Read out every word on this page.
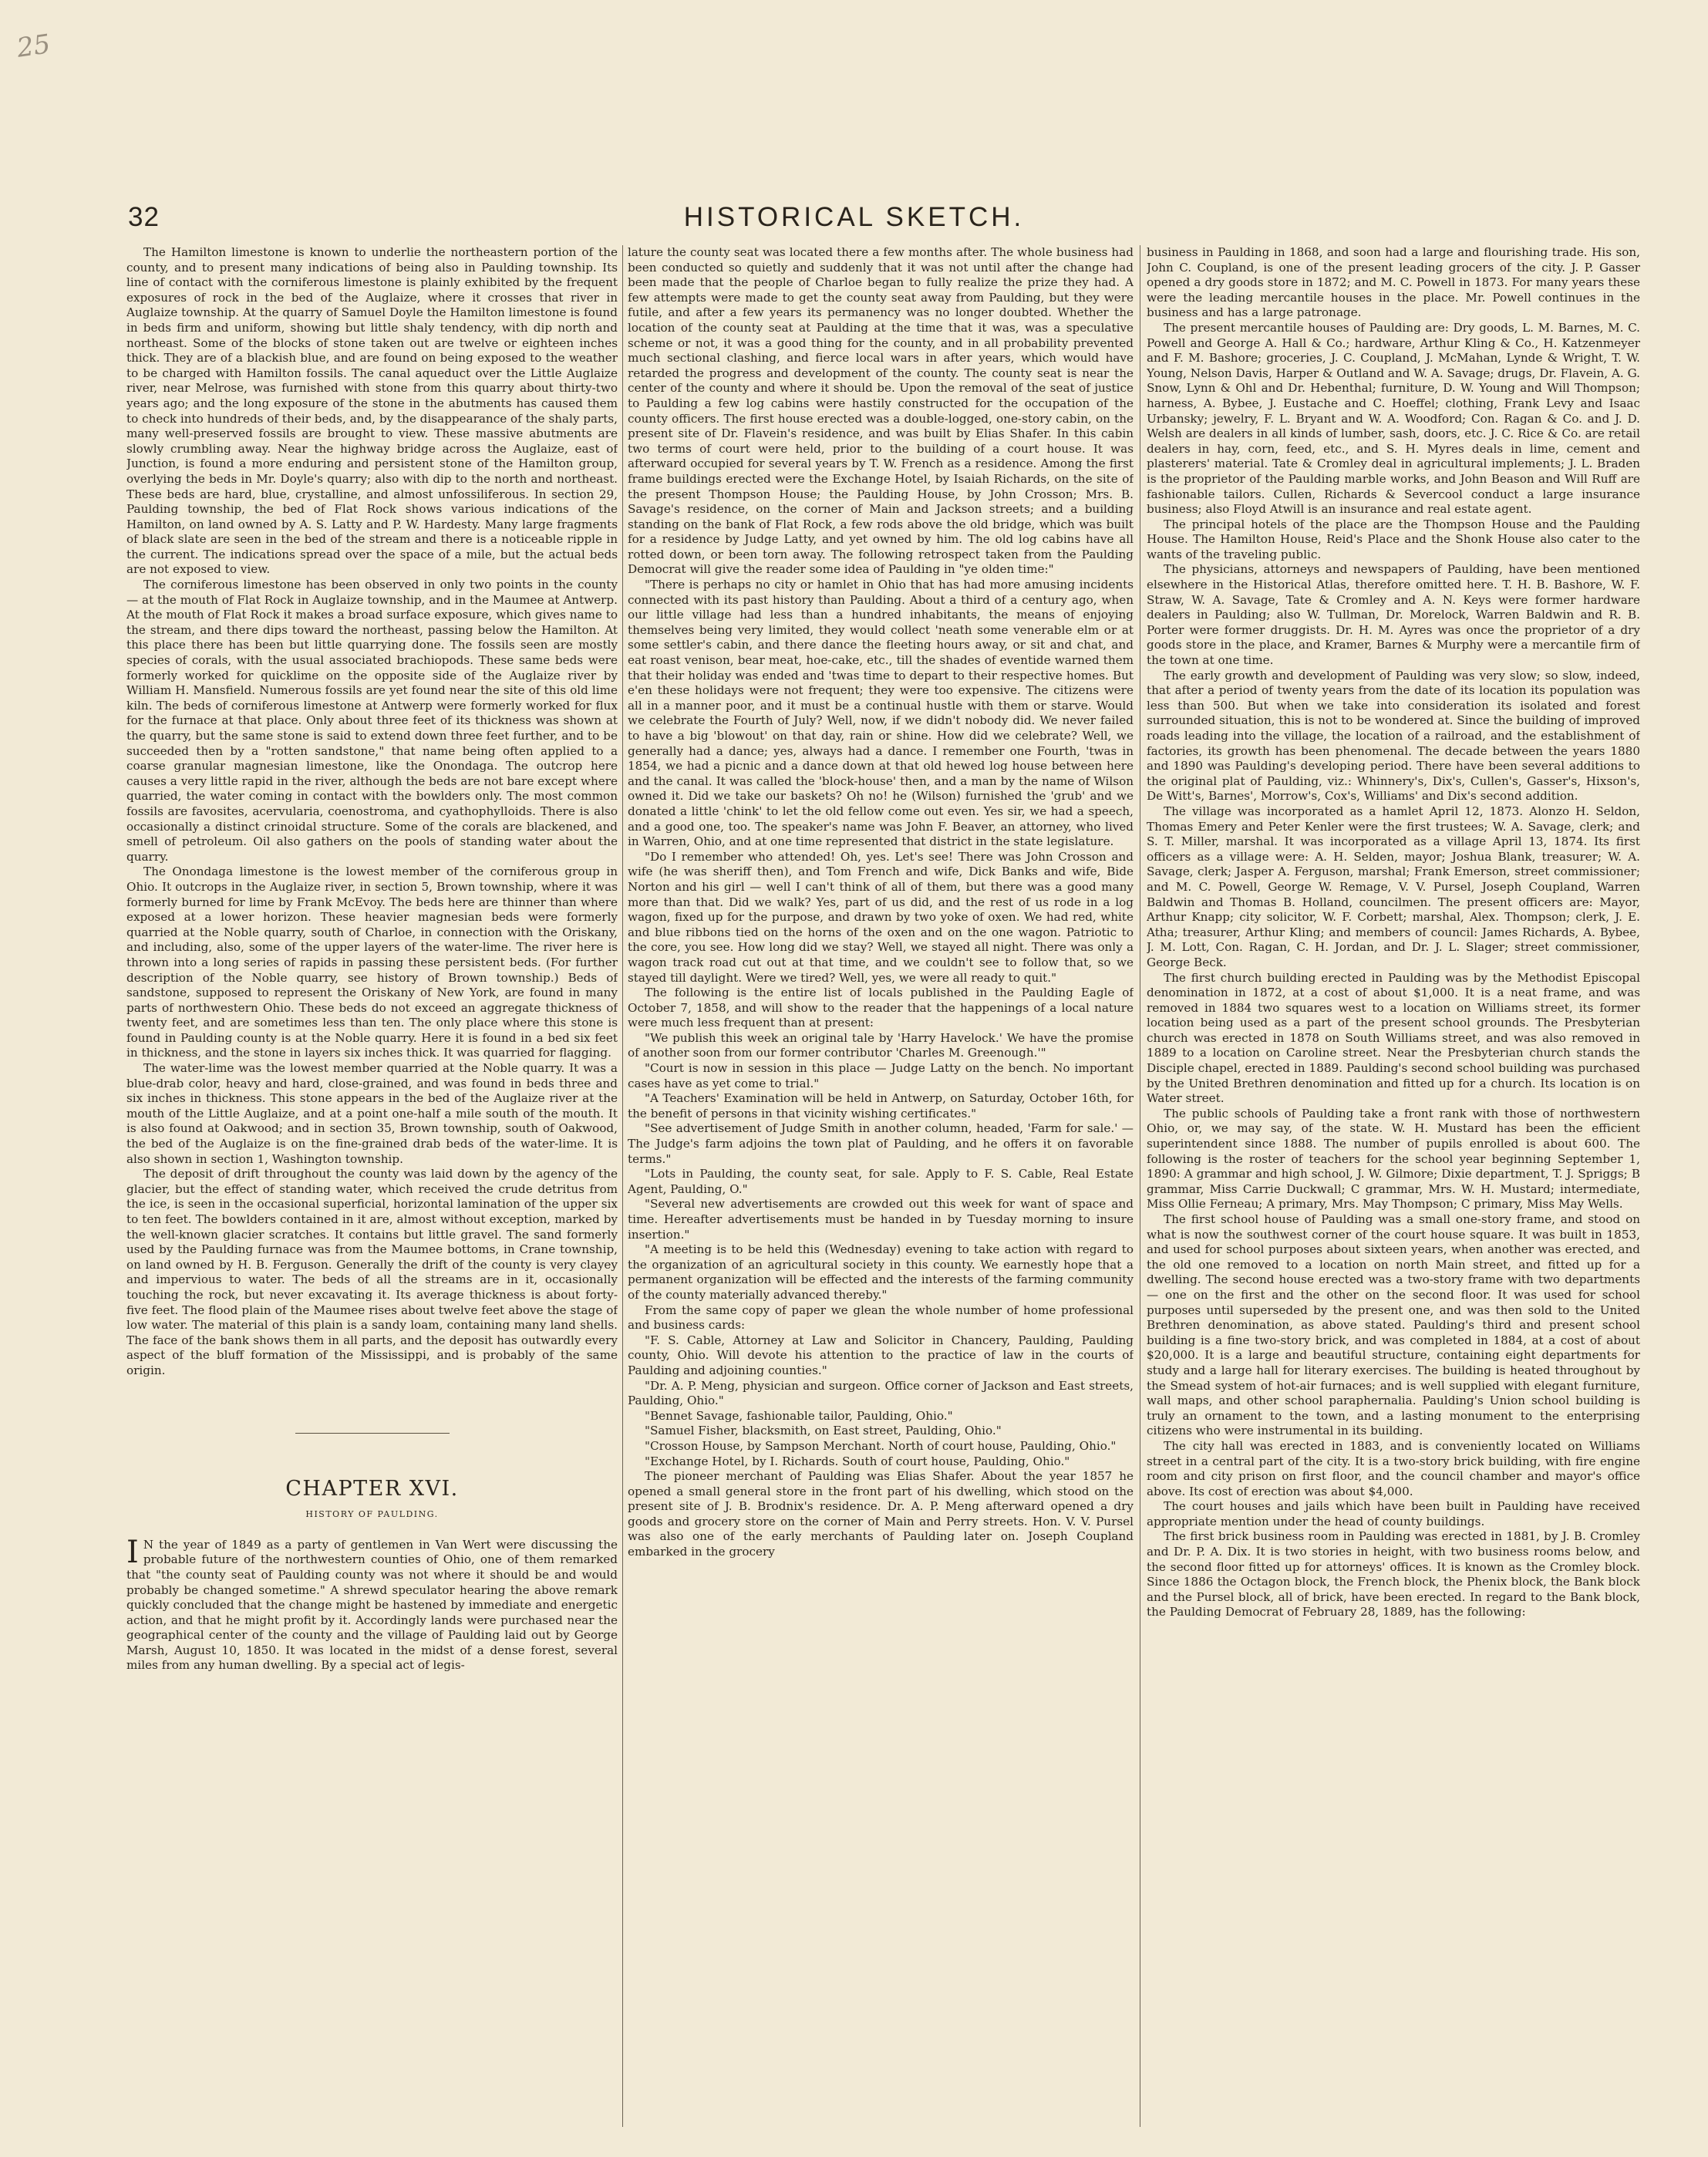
25
32	HISTORICAL SKETCH.

The Hamilton limestone is known to underlie the northeastern portion of the county, and to present many indications of being also in Paulding township. Its line of contact with the corniferous limestone is plainly exhibited by the frequent exposures of rock in the bed of the Auglaize, where it crosses that river in Auglaize township. At the quarry of Samuel Doyle the Hamilton limestone is found in beds firm and uniform, showing but little shaly tendency, with dip north and northeast. Some of the blocks of stone taken out are twelve or eighteen inches thick. They are of a blackish blue, and are found on being exposed to the weather to be charged with Hamilton fossils. The canal aqueduct over the Little Auglaize river, near Melrose, was furnished with stone from this quarry about thirty-two years ago; and the long exposure of the stone in the abutments has caused them to check into hundreds of their beds, and, by the disappearance of the shaly parts, many well-preserved fossils are brought to view. These massive abutments are slowly crumbling away. Near the highway bridge across the Auglaize, east of Junction, is found a more enduring and persistent stone of the Hamilton group, overlying the beds in Mr. Doyle's quarry; also with dip to the north and northeast. These beds are hard, blue, crystalline, and almost unfossiliferous. In section 29, Paulding township, the bed of Flat Rock shows various indications of the Hamilton, on land owned by A. S. Latty and P. W. Hardesty. Many large fragments of black slate are seen in the bed of the stream and there is a noticeable ripple in the current. The indications spread over the space of a mile, but the actual beds are not exposed to view.

The corniferous limestone has been observed in only two points in the county — at the mouth of Flat Rock in Auglaize township, and in the Maumee at Antwerp. At the mouth of Flat Rock it makes a broad surface exposure, which gives name to the stream, and there dips toward the northeast, passing below the Hamilton. At this place there has been but little quarrying done. The fossils seen are mostly species of corals, with the usual associated brachiopods. These same beds were formerly worked for quicklime on the opposite side of the Auglaize river by William H. Mansfield. Numerous fossils are yet found near the site of this old lime kiln. The beds of corniferous limestone at Antwerp were formerly worked for flux for the furnace at that place. Only about three feet of its thickness was shown at the quarry, but the same stone is said to extend down three feet further, and to be succeeded then by a "rotten sandstone," that name being often applied to a coarse granular magnesian limestone, like the Onondaga. The outcrop here causes a very little rapid in the river, although the beds are not bare except where quarried, the water coming in contact with the bowlders only. The most common fossils are favosites, acervularia, coenostroma, and cyathophylloids. There is also occasionally a distinct crinoidal structure. Some of the corals are blackened, and smell of petroleum. Oil also gathers on the pools of standing water about the quarry.

The Onondaga limestone is the lowest member of the corniferous group in Ohio. It outcrops in the Auglaize river, in section 5, Brown township, where it was formerly burned for lime by Frank McEvoy. The beds here are thinner than where exposed at a lower horizon. These heavier magnesian beds were formerly quarried at the Noble quarry, south of Charloe, in connection with the Oriskany, and including, also, some of the upper layers of the water-lime. The river here is thrown into a long series of rapids in passing these persistent beds. (For further description of the Noble quarry, see history of Brown township.) Beds of sandstone, supposed to represent the Oriskany of New York, are found in many parts of northwestern Ohio. These beds do not exceed an aggregate thickness of twenty feet, and are sometimes less than ten. The only place where this stone is found in Paulding county is at the Noble quarry. Here it is found in a bed six feet in thickness, and the stone in layers six inches thick. It was quarried for flagging.

The water-lime was the lowest member quarried at the Noble quarry. It was a blue-drab color, heavy and hard, close-grained, and was found in beds three and six inches in thickness. This stone appears in the bed of the Auglaize river at the mouth of the Little Auglaize, and at a point one-half a mile south of the mouth. It is also found at Oakwood; and in section 35, Brown township, south of Oakwood, the bed of the Auglaize is on the fine-grained drab beds of the water-lime. It is also shown in section 1, Washington township.

The deposit of drift throughout the county was laid down by the agency of the glacier, but the effect of standing water, which received the crude detritus from the ice, is seen in the occasional superficial, horizontal lamination of the upper six to ten feet. The bowlders contained in it are, almost without exception, marked by the well-known glacier scratches. It contains but little gravel. The sand formerly used by the Paulding furnace was from the Maumee bottoms, in Crane township, on land owned by H. B. Ferguson. Generally the drift of the county is very clayey and impervious to water. The beds of all the streams are in it, occasionally touching the rock, but never excavating it. Its average thickness is about forty-five feet. The flood plain of the Maumee rises about twelve feet above the stage of low water. The material of this plain is a sandy loam, containing many land shells. The face of the bank shows them in all parts, and the deposit has outwardly every aspect of the bluff formation of the Mississippi, and is probably of the same origin.

CHAPTER XVI.
HISTORY OF PAULDING.

I N the year of 1849 as a party of gentlemen in Van Wert were discussing the probable future of the northwestern counties of Ohio, one of them remarked that "the county seat of Paulding county was not where it should be and would probably be changed sometime." A shrewd speculator hearing the above remark quickly concluded that the change might be hastened by immediate and energetic action, and that he might profit by it. Accordingly lands were purchased near the geographical center of the county and the village of Paulding laid out by George Marsh, August 10, 1850. It was located in the midst of a dense forest, several miles from any human dwelling. By a special act of legis-

lature the county seat was located there a few months after. The whole business had been conducted so quietly and suddenly that it was not until after the change had been made that the people of Charloe began to fully realize the prize they had. A few attempts were made to get the county seat away from Paulding, but they were futile, and after a few years its permanency was no longer doubted. Whether the location of the county seat at Paulding at the time that it was, was a speculative scheme or not, it was a good thing for the county, and in all probability prevented much sectional clashing, and fierce local wars in after years, which would have retarded the progress and development of the county. The county seat is near the center of the county and where it should be. Upon the removal of the seat of justice to Paulding a few log cabins were hastily constructed for the occupation of the county officers. The first house erected was a double-logged, one-story cabin, on the present site of Dr. Flavein's residence, and was built by Elias Shafer. In this cabin two terms of court were held, prior to the building of a court house. It was afterward occupied for several years by T. W. French as a residence. Among the first frame buildings erected were the Exchange Hotel, by Isaiah Richards, on the site of the present Thompson House; the Paulding House, by John Crosson; Mrs. B. Savage's residence, on the corner of Main and Jackson streets; and a building standing on the bank of Flat Rock, a few rods above the old bridge, which was built for a residence by Judge Latty, and yet owned by him. The old log cabins have all rotted down, or been torn away. The following retrospect taken from the Paulding Democrat will give the reader some idea of Paulding in "ye olden time:"

"There is perhaps no city or hamlet in Ohio that has had more amusing incidents connected with its past history than Paulding. About a third of a century ago, when our little village had less than a hundred inhabitants, the means of enjoying themselves being very limited, they would collect 'neath some venerable elm or at some settler's cabin, and there dance the fleeting hours away, or sit and chat, and eat roast venison, bear meat, hoe-cake, etc., till the shades of eventide warned them that their holiday was ended and 'twas time to depart to their respective homes. But e'en these holidays were not frequent; they were too expensive. The citizens were all in a manner poor, and it must be a continual hustle with them or starve. Would we celebrate the Fourth of July? Well, now, if we didn't nobody did. We never failed to have a big 'blowout' on that day, rain or shine. How did we celebrate? Well, we generally had a dance; yes, always had a dance. I remember one Fourth, 'twas in 1854, we had a picnic and a dance down at that old hewed log house between here and the canal. It was called the 'block-house' then, and a man by the name of Wilson owned it. Did we take our baskets? Oh no! he (Wilson) furnished the 'grub' and we donated a little 'chink' to let the old fellow come out even. Yes sir, we had a speech, and a good one, too. The speaker's name was John F. Beaver, an attorney, who lived in Warren, Ohio, and at one time represented that district in the state legislature.

"Do I remember who attended! Oh, yes. Let's see! There was John Crosson and wife (he was sheriff then), and Tom French and wife, Dick Banks and wife, Bide Norton and his girl — well I can't think of all of them, but there was a good many more than that. Did we walk? Yes, part of us did, and the rest of us rode in a log wagon, fixed up for the purpose, and drawn by two yoke of oxen. We had red, white and blue ribbons tied on the horns of the oxen and on the one wagon. Patriotic to the core, you see. How long did we stay? Well, we stayed all night. There was only a wagon track road cut out at that time, and we couldn't see to follow that, so we stayed till daylight. Were we tired? Well, yes, we were all ready to quit."

The following is the entire list of locals published in the Paulding Eagle of October 7, 1858, and will show to the reader that the happenings of a local nature were much less frequent than at present:

"We publish this week an original tale by 'Harry Havelock.' We have the promise of another soon from our former contributor 'Charles M. Greenough.'"

"Court is now in session in this place — Judge Latty on the bench. No important cases have as yet come to trial."

"A Teachers' Examination will be held in Antwerp, on Saturday, October 16th, for the benefit of persons in that vicinity wishing certificates."

"See advertisement of Judge Smith in another column, headed, 'Farm for sale.' — The Judge's farm adjoins the town plat of Paulding, and he offers it on favorable terms."

"Lots in Paulding, the county seat, for sale. Apply to F. S. Cable, Real Estate Agent, Paulding, O."

"Several new advertisements are crowded out this week for want of space and time. Hereafter advertisements must be handed in by Tuesday morning to insure insertion."

"A meeting is to be held this (Wednesday) evening to take action with regard to the organization of an agricultural society in this county. We earnestly hope that a permanent organization will be effected and the interests of the farming community of the county materially advanced thereby."

From the same copy of paper we glean the whole number of home professional and business cards:

"F. S. Cable, Attorney at Law and Solicitor in Chancery, Paulding, Paulding county, Ohio. Will devote his attention to the practice of law in the courts of Paulding and adjoining counties."

"Dr. A. P. Meng, physician and surgeon. Office corner of Jackson and East streets, Paulding, Ohio."

"Bennet Savage, fashionable tailor, Paulding, Ohio."

"Samuel Fisher, blacksmith, on East street, Paulding, Ohio."

"Crosson House, by Sampson Merchant. North of court house, Paulding, Ohio."

"Exchange Hotel, by I. Richards. South of court house, Paulding, Ohio."

The pioneer merchant of Paulding was Elias Shafer. About the year 1857 he opened a small general store in the front part of his dwelling, which stood on the present site of J. B. Brodnix's residence. Dr. A. P. Meng afterward opened a dry goods and grocery store on the corner of Main and Perry streets. Hon. V. V. Pursel was also one of the early merchants of Paulding later on. Joseph Coupland embarked in the grocery

business in Paulding in 1868, and soon had a large and flourishing trade. His son, John C. Coupland, is one of the present leading grocers of the city. J. P. Gasser opened a dry goods store in 1872; and M. C. Powell in 1873. For many years these were the leading mercantile houses in the place. Mr. Powell continues in the business and has a large patronage.

The present mercantile houses of Paulding are: Dry goods, L. M. Barnes, M. C. Powell and George A. Hall & Co.; hardware, Arthur Kling & Co., H. Katzenmeyer and F. M. Bashore; groceries, J. C. Coupland, J. McMahan, Lynde & Wright, T. W. Young, Nelson Davis, Harper & Outland and W. A. Savage; drugs, Dr. Flavein, A. G. Snow, Lynn & Ohl and Dr. Hebenthal; furniture, D. W. Young and Will Thompson; harness, A. Bybee, J. Eustache and C. Hoeffel; clothing, Frank Levy and Isaac Urbansky; jewelry, F. L. Bryant and W. A. Woodford; Con. Ragan & Co. and J. D. Welsh are dealers in all kinds of lumber, sash, doors, etc. J. C. Rice & Co. are retail dealers in hay, corn, feed, etc., and S. H. Myres deals in lime, cement and plasterers' material. Tate & Cromley deal in agricultural implements; J. L. Braden is the proprietor of the Paulding marble works, and John Beason and Will Ruff are fashionable tailors. Cullen, Richards & Severcool conduct a large insurance business; also Floyd Atwill is an insurance and real estate agent.

The principal hotels of the place are the Thompson House and the Paulding House. The Hamilton House, Reid's Place and the Shonk House also cater to the wants of the traveling public.

The physicians, attorneys and newspapers of Paulding, have been mentioned elsewhere in the Historical Atlas, therefore omitted here. T. H. B. Bashore, W. F. Straw, W. A. Savage, Tate & Cromley and A. N. Keys were former hardware dealers in Paulding; also W. Tullman, Dr. Morelock, Warren Baldwin and R. B. Porter were former druggists. Dr. H. M. Ayres was once the proprietor of a dry goods store in the place, and Kramer, Barnes & Murphy were a mercantile firm of the town at one time.

The early growth and development of Paulding was very slow; so slow, indeed, that after a period of twenty years from the date of its location its population was less than 500. But when we take into consideration its isolated and forest surrounded situation, this is not to be wondered at. Since the building of improved roads leading into the village, the location of a railroad, and the establishment of factories, its growth has been phenomenal. The decade between the years 1880 and 1890 was Paulding's developing period. There have been several additions to the original plat of Paulding, viz.: Whinnery's, Dix's, Cullen's, Gasser's, Hixson's, De Witt's, Barnes', Morrow's, Cox's, Williams' and Dix's second addition.

The village was incorporated as a hamlet April 12, 1873. Alonzo H. Seldon, Thomas Emery and Peter Kenler were the first trustees; W. A. Savage, clerk; and S. T. Miller, marshal. It was incorporated as a village April 13, 1874. Its first officers as a village were: A. H. Selden, mayor; Joshua Blank, treasurer; W. A. Savage, clerk; Jasper A. Ferguson, marshal; Frank Emerson, street commissioner; and M. C. Powell, George W. Remage, V. V. Pursel, Joseph Coupland, Warren Baldwin and Thomas B. Holland, councilmen. The present officers are: Mayor, Arthur Knapp; city solicitor, W. F. Corbett; marshal, Alex. Thompson; clerk, J. E. Atha; treasurer, Arthur Kling; and members of council: James Richards, A. Bybee, J. M. Lott, Con. Ragan, C. H. Jordan, and Dr. J. L. Slager; street commissioner, George Beck.

The first church building erected in Paulding was by the Methodist Episcopal denomination in 1872, at a cost of about $1,000. It is a neat frame, and was removed in 1884 two squares west to a location on Williams street, its former location being used as a part of the present school grounds. The Presbyterian church was erected in 1878 on South Williams street, and was also removed in 1889 to a location on Caroline street. Near the Presbyterian church stands the Disciple chapel, erected in 1889. Paulding's second school building was purchased by the United Brethren denomination and fitted up for a church. Its location is on Water street.

The public schools of Paulding take a front rank with those of northwestern Ohio, or, we may say, of the state. W. H. Mustard has been the efficient superintendent since 1888. The number of pupils enrolled is about 600. The following is the roster of teachers for the school year beginning September 1, 1890: A grammar and high school, J. W. Gilmore; Dixie department, T. J. Spriggs; B grammar, Miss Carrie Duckwall; C grammar, Mrs. W. H. Mustard; intermediate, Miss Ollie Ferneau; A primary, Mrs. May Thompson; C primary, Miss May Wells.

The first school house of Paulding was a small one-story frame, and stood on what is now the southwest corner of the court house square. It was built in 1853, and used for school purposes about sixteen years, when another was erected, and the old one removed to a location on north Main street, and fitted up for a dwelling. The second house erected was a two-story frame with two departments — one on the first and the other on the second floor. It was used for school purposes until superseded by the present one, and was then sold to the United Brethren denomination, as above stated. Paulding's third and present school building is a fine two-story brick, and was completed in 1884, at a cost of about $20,000. It is a large and beautiful structure, containing eight departments for study and a large hall for literary exercises. The building is heated throughout by the Smead system of hot-air furnaces; and is well supplied with elegant furniture, wall maps, and other school paraphernalia. Paulding's Union school building is truly an ornament to the town, and a lasting monument to the enterprising citizens who were instrumental in its building.

The city hall was erected in 1883, and is conveniently located on Williams street in a central part of the city. It is a two-story brick building, with fire engine room and city prison on first floor, and the council chamber and mayor's office above. Its cost of erection was about $4,000.

The court houses and jails which have been built in Paulding have received appropriate mention under the head of county buildings.

The first brick business room in Paulding was erected in 1881, by J. B. Cromley and Dr. P. A. Dix. It is two stories in height, with two business rooms below, and the second floor fitted up for attorneys' offices. It is known as the Cromley block. Since 1886 the Octagon block, the French block, the Phenix block, the Bank block and the Pursel block, all of brick, have been erected. In regard to the Bank block, the Paulding Democrat of February 28, 1889, has the following:
